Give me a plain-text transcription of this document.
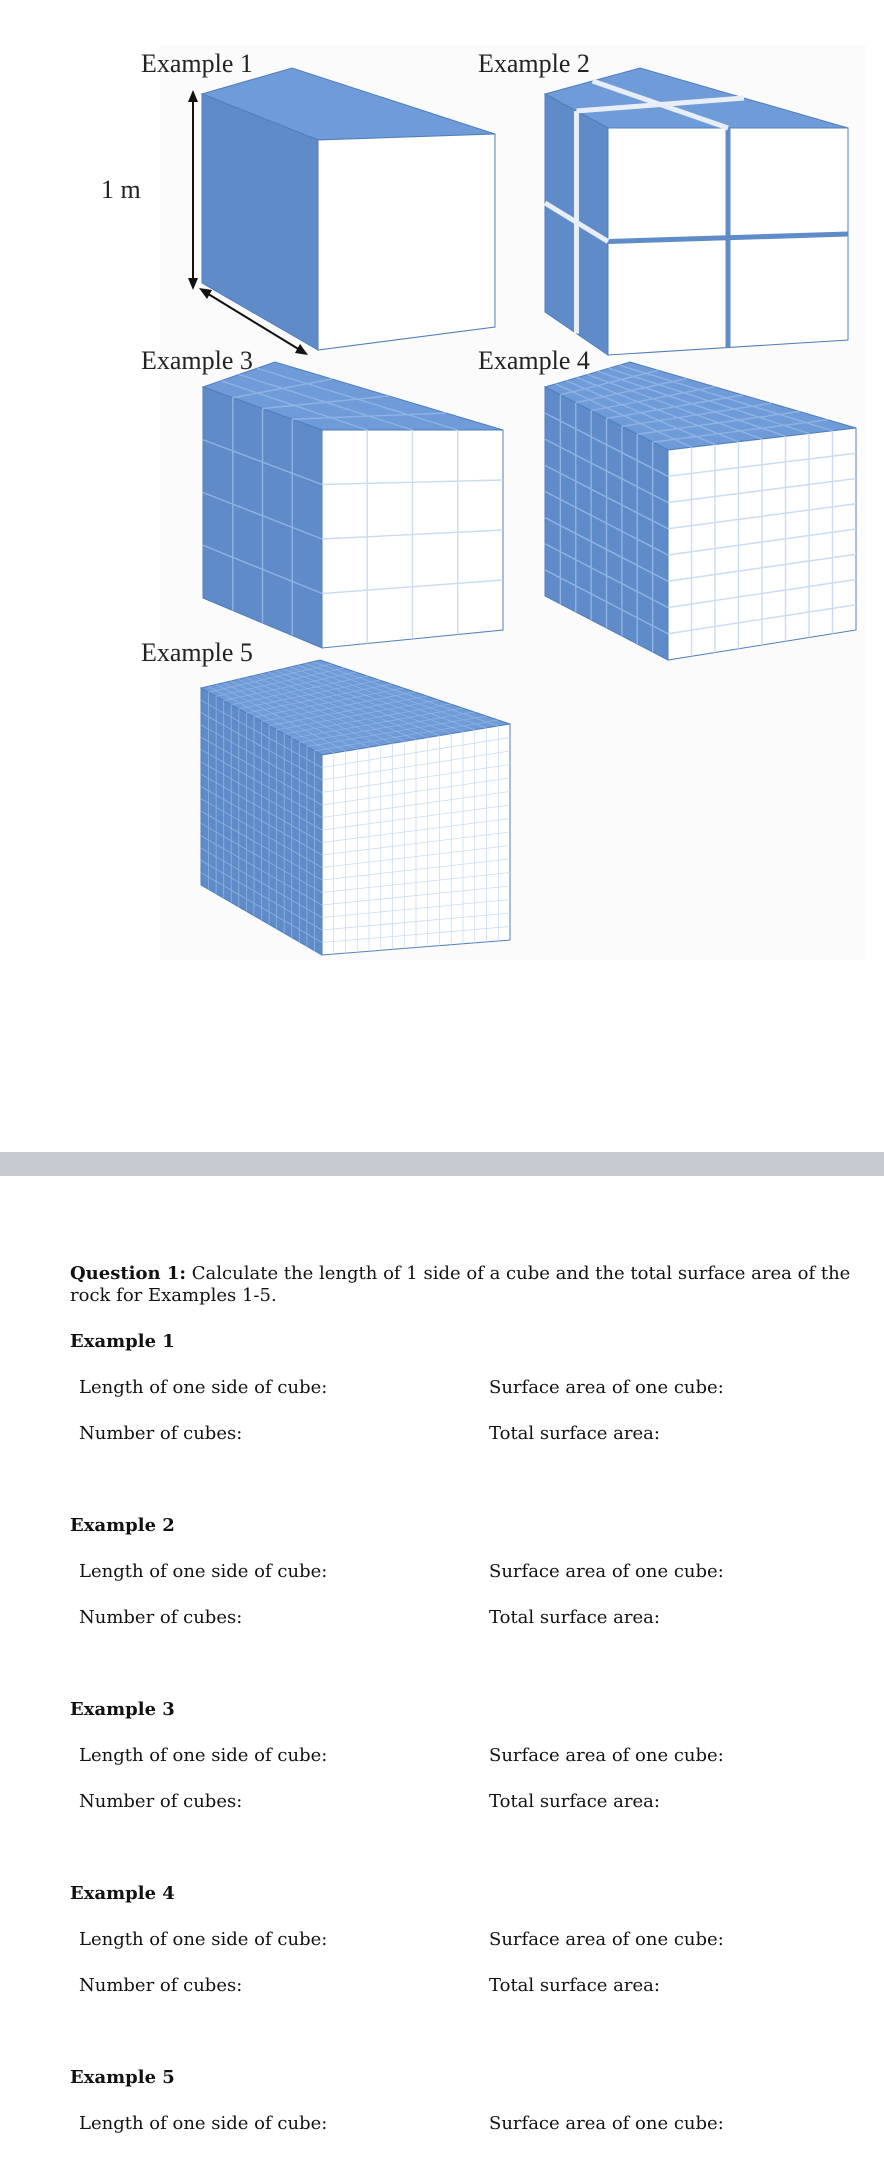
Example 1	Example 2
Example 3	Example 4
Example 5
1 m
Question 1: Calculate the length of 1 side of a cube and the total surface area of the rock for Examples 1-5.
Example 1
Length of one side of cube:	Surface area of one cube:
Number of cubes:	Total surface area:
Example 2
Length of one side of cube:	Surface area of one cube:
Number of cubes:	Total surface area:
Example 3
Length of one side of cube:	Surface area of one cube:
Number of cubes:	Total surface area:
Example 4
Length of one side of cube:	Surface area of one cube:
Number of cubes:	Total surface area:
Example 5
Length of one side of cube:	Surface area of one cube:
